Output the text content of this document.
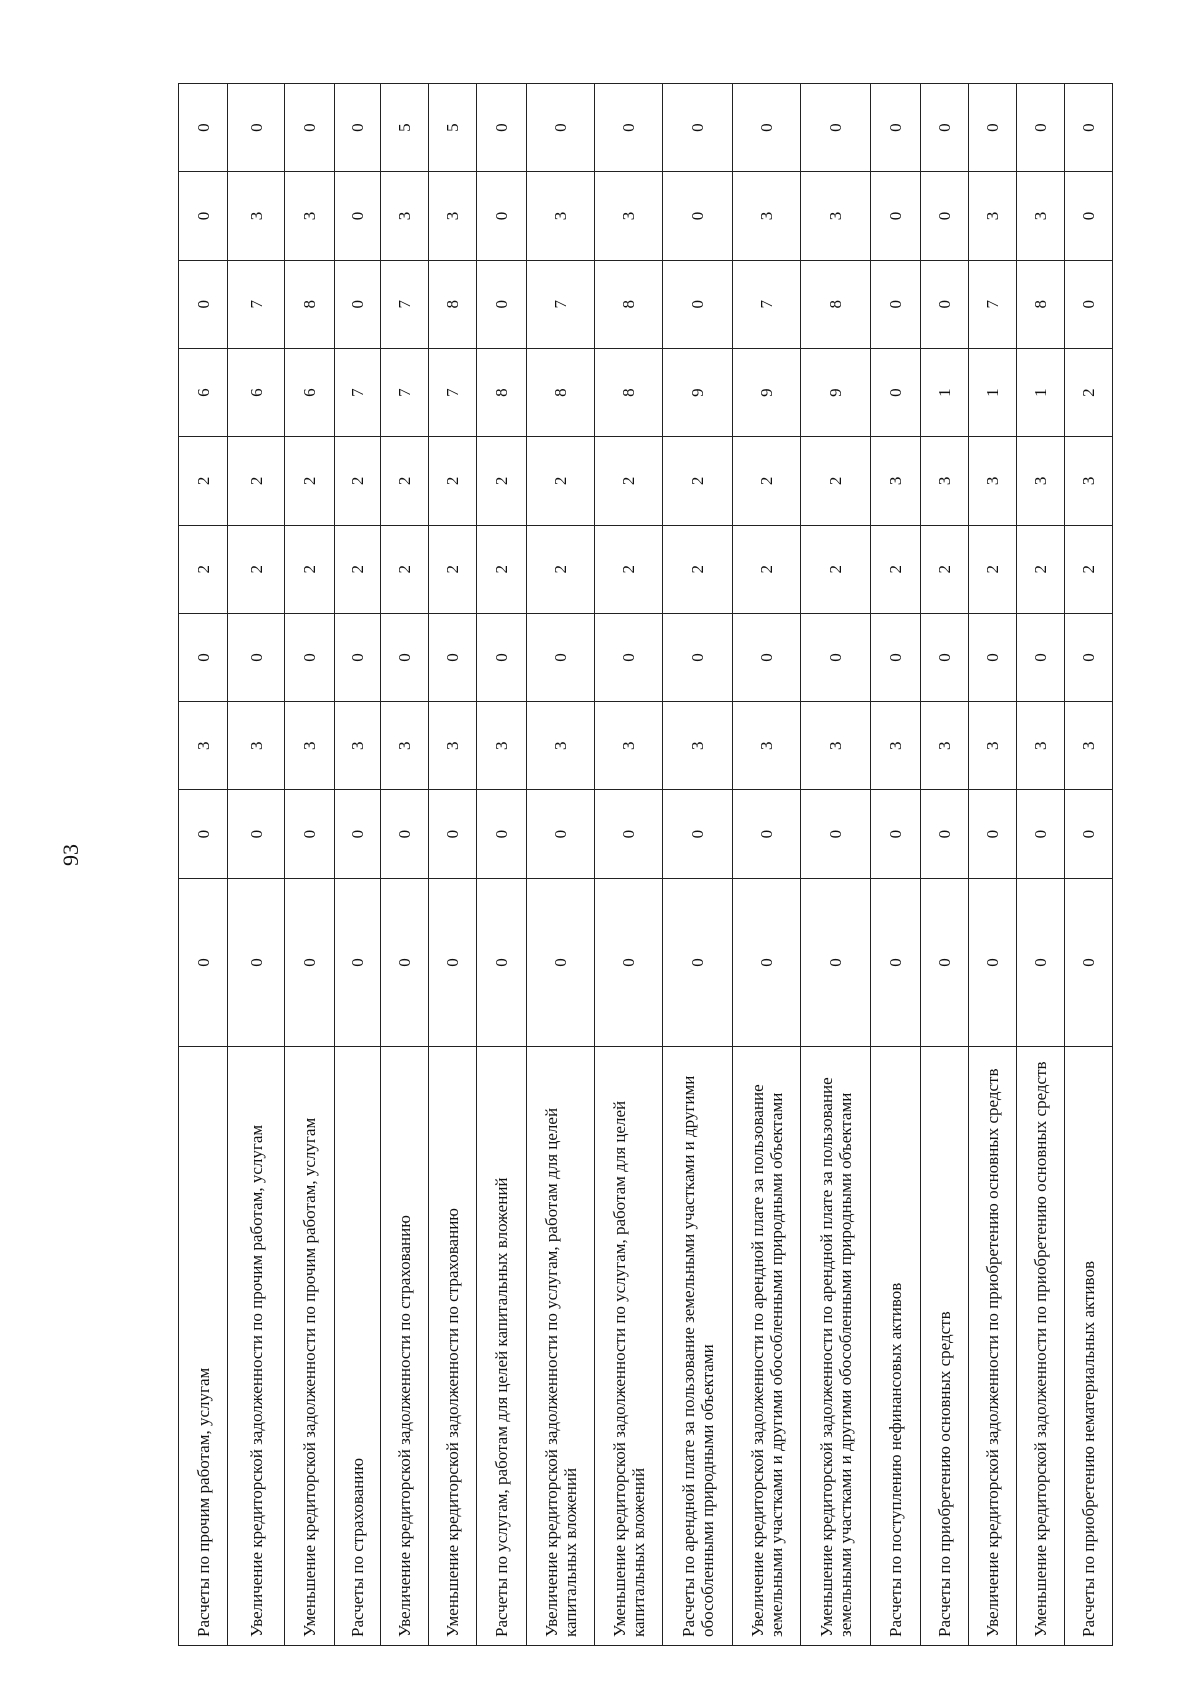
93
Расчеты по прочим работам, услугам	0	0	3	0	2	2	6	0	0	0
Увеличение кредиторской задолженности по прочим работам, услугам	0	0	3	0	2	2	6	7	3	0
Уменьшение кредиторской задолженности по прочим работам, услугам	0	0	3	0	2	2	6	8	3	0
Расчеты по страхованию	0	0	3	0	2	2	7	0	0	0
Увеличение кредиторской задолженности по страхованию	0	0	3	0	2	2	7	7	3	5
Уменьшение кредиторской задолженности по страхованию	0	0	3	0	2	2	7	8	3	5
Расчеты по услугам, работам для целей капитальных вложений	0	0	3	0	2	2	8	0	0	0
Увеличение кредиторской задолженности по услугам, работам для целей капитальных вложений	0	0	3	0	2	2	8	7	3	0
Уменьшение кредиторской задолженности по услугам, работам для целей капитальных вложений	0	0	3	0	2	2	8	8	3	0
Расчеты по арендной плате за пользование земельными участками и другими обособленными природными объектами	0	0	3	0	2	2	9	0	0	0
Увеличение кредиторской задолженности по арендной плате за пользование земельными участками и другими обособленными природными объектами	0	0	3	0	2	2	9	7	3	0
Уменьшение кредиторской задолженности по арендной плате за пользование земельными участками и другими обособленными природными объектами	0	0	3	0	2	2	9	8	3	0
Расчеты по поступлению нефинансовых активов	0	0	3	0	2	3	0	0	0	0
Расчеты по приобретению основных средств	0	0	3	0	2	3	1	0	0	0
Увеличение кредиторской задолженности по приобретению основных средств	0	0	3	0	2	3	1	7	3	0
Уменьшение кредиторской задолженности по приобретению основных средств	0	0	3	0	2	3	1	8	3	0
Расчеты по приобретению нематериальных активов	0	0	3	0	2	3	2	0	0	0
